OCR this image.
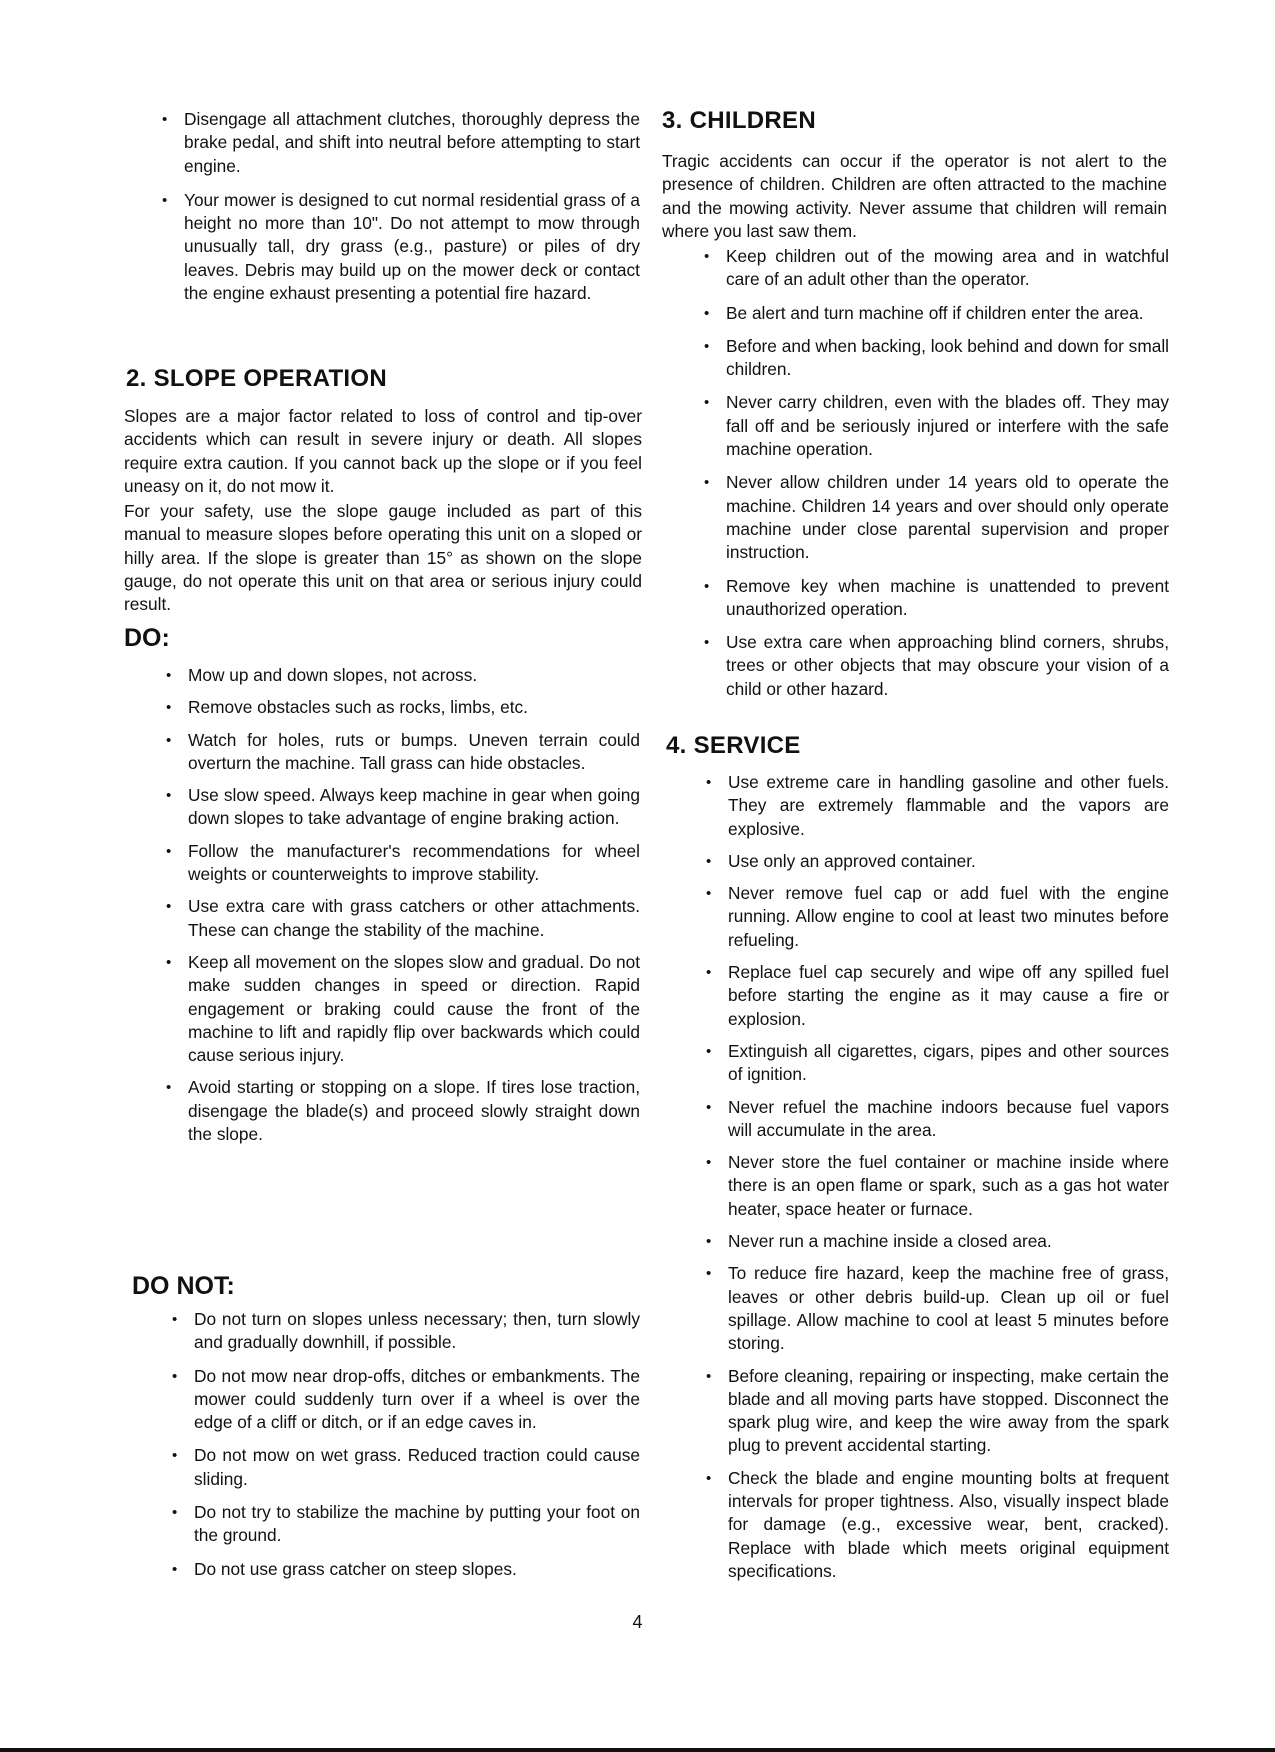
• Disengage all attachment clutches, thoroughly depress the brake pedal, and shift into neutral before attempting to start engine.
• Your mower is designed to cut normal residential grass of a height no more than 10". Do not attempt to mow through unusually tall, dry grass (e.g., pasture) or piles of dry leaves. Debris may build up on the mower deck or contact the engine exhaust presenting a potential fire hazard.
2. SLOPE OPERATION

Slopes are a major factor related to loss of control and tip-over accidents which can result in severe injury or death. All slopes require extra caution. If you cannot back up the slope or if you feel uneasy on it, do not mow it.

For your safety, use the slope gauge included as part of this manual to measure slopes before operating this unit on a sloped or hilly area. If the slope is greater than 15° as shown on the slope gauge, do not operate this unit on that area or serious injury could result.

DO:
• Mow up and down slopes, not across.
• Remove obstacles such as rocks, limbs, etc.
• Watch for holes, ruts or bumps. Uneven terrain could overturn the machine. Tall grass can hide obstacles.
• Use slow speed. Always keep machine in gear when going down slopes to take advantage of engine braking action.
• Follow the manufacturer's recommendations for wheel weights or counterweights to improve stability.
• Use extra care with grass catchers or other attachments. These can change the stability of the machine.
• Keep all movement on the slopes slow and gradual. Do not make sudden changes in speed or direction. Rapid engagement or braking could cause the front of the machine to lift and rapidly flip over backwards which could cause serious injury.
• Avoid starting or stopping on a slope. If tires lose traction, disengage the blade(s) and proceed slowly straight down the slope.
DO NOT:
• Do not turn on slopes unless necessary; then, turn slowly and gradually downhill, if possible.
• Do not mow near drop-offs, ditches or embankments. The mower could suddenly turn over if a wheel is over the edge of a cliff or ditch, or if an edge caves in.
• Do not mow on wet grass. Reduced traction could cause sliding.
• Do not try to stabilize the machine by putting your foot on the ground.
• Do not use grass catcher on steep slopes.
3. CHILDREN

Tragic accidents can occur if the operator is not alert to the presence of children. Children are often attracted to the machine and the mowing activity. Never assume that children will remain where you last saw them.

• Keep children out of the mowing area and in watchful care of an adult other than the operator.
• Be alert and turn machine off if children enter the area.
• Before and when backing, look behind and down for small children.
• Never carry children, even with the blades off. They may fall off and be seriously injured or interfere with the safe machine operation.
• Never allow children under 14 years old to operate the machine. Children 14 years and over should only operate machine under close parental supervision and proper instruction.
• Remove key when machine is unattended to prevent unauthorized operation.
• Use extra care when approaching blind corners, shrubs, trees or other objects that may obscure your vision of a child or other hazard.
4. SERVICE
• Use extreme care in handling gasoline and other fuels. They are extremely flammable and the vapors are explosive.
• Use only an approved container.
• Never remove fuel cap or add fuel with the engine running. Allow engine to cool at least two minutes before refueling.
• Replace fuel cap securely and wipe off any spilled fuel before starting the engine as it may cause a fire or explosion.
• Extinguish all cigarettes, cigars, pipes and other sources of ignition.
• Never refuel the machine indoors because fuel vapors will accumulate in the area.
• Never store the fuel container or machine inside where there is an open flame or spark, such as a gas hot water heater, space heater or furnace.
• Never run a machine inside a closed area.
• To reduce fire hazard, keep the machine free of grass, leaves or other debris build-up. Clean up oil or fuel spillage. Allow machine to cool at least 5 minutes before storing.
• Before cleaning, repairing or inspecting, make certain the blade and all moving parts have stopped. Disconnect the spark plug wire, and keep the wire away from the spark plug to prevent accidental starting.
• Check the blade and engine mounting bolts at frequent intervals for proper tightness. Also, visually inspect blade for damage (e.g., excessive wear, bent, cracked). Replace with blade which meets original equipment specifications.
4
